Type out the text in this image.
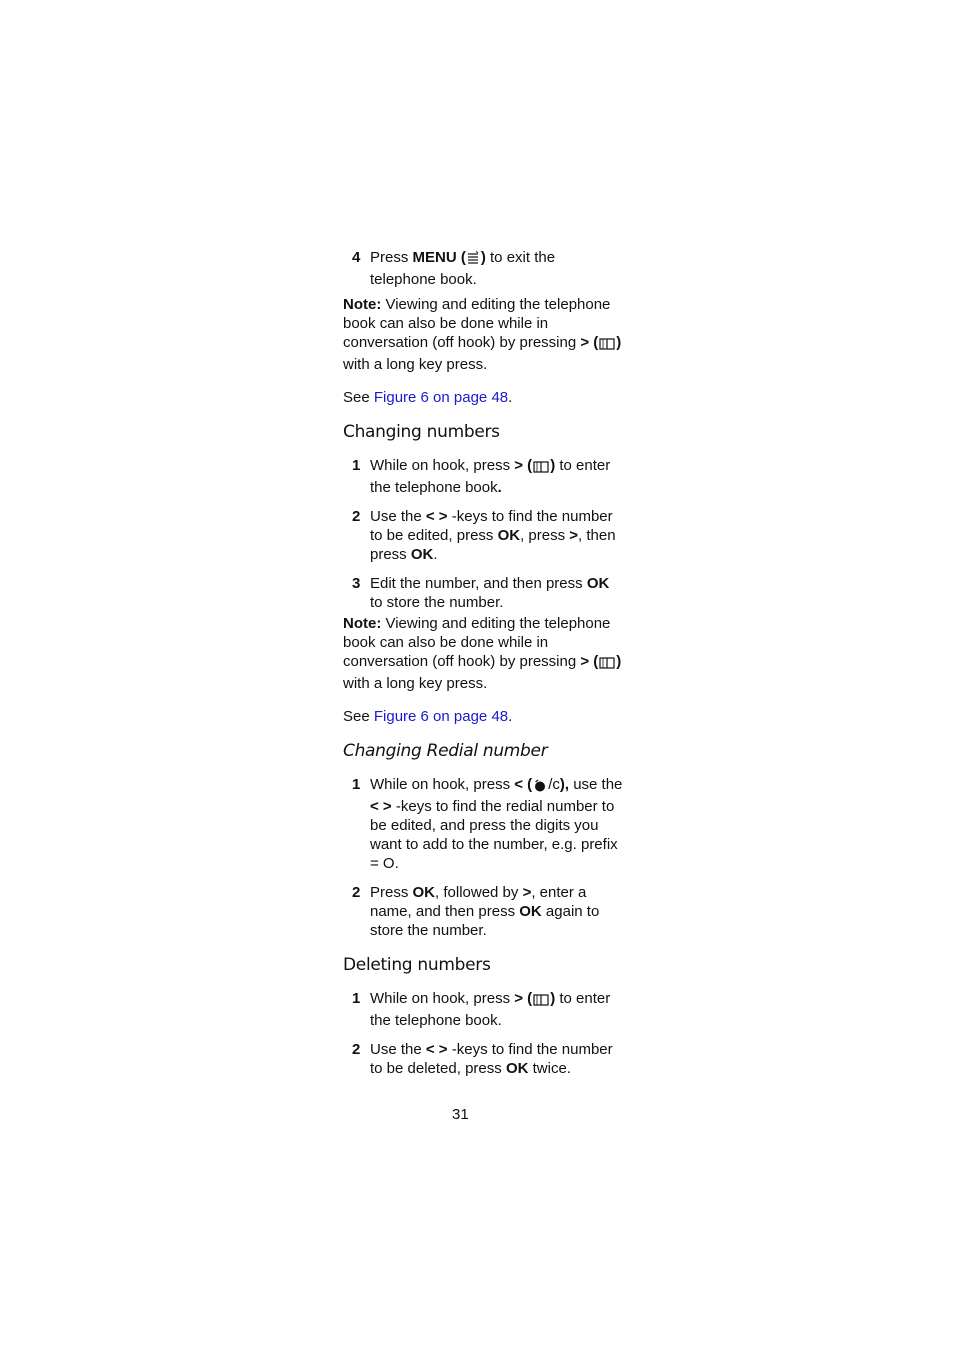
4 Press MENU ( ) to exit the telephone book.
Note: Viewing and editing the telephone book can also be done while in conversation (off hook) by pressing > ( ) with a long key press.
See Figure 6 on page 48.
Changing numbers
1 While on hook, press > ( ) to enter the telephone book.
2 Use the < > -keys to find the number to be edited, press OK, press >, then press OK.
3 Edit the number, and then press OK to store the number.
Note: Viewing and editing the telephone book can also be done while in conversation (off hook) by pressing > ( ) with a long key press.
See Figure 6 on page 48.
Changing Redial number
1 While on hook, press < ( /c), use the < > -keys to find the redial number to be edited, and press the digits you want to add to the number, e.g. prefix = O.
2 Press OK, followed by >, enter a name, and then press OK again to store the number.
Deleting numbers
1 While on hook, press > ( ) to enter the telephone book.
2 Use the < > -keys to find the number to be deleted, press OK twice.
31
